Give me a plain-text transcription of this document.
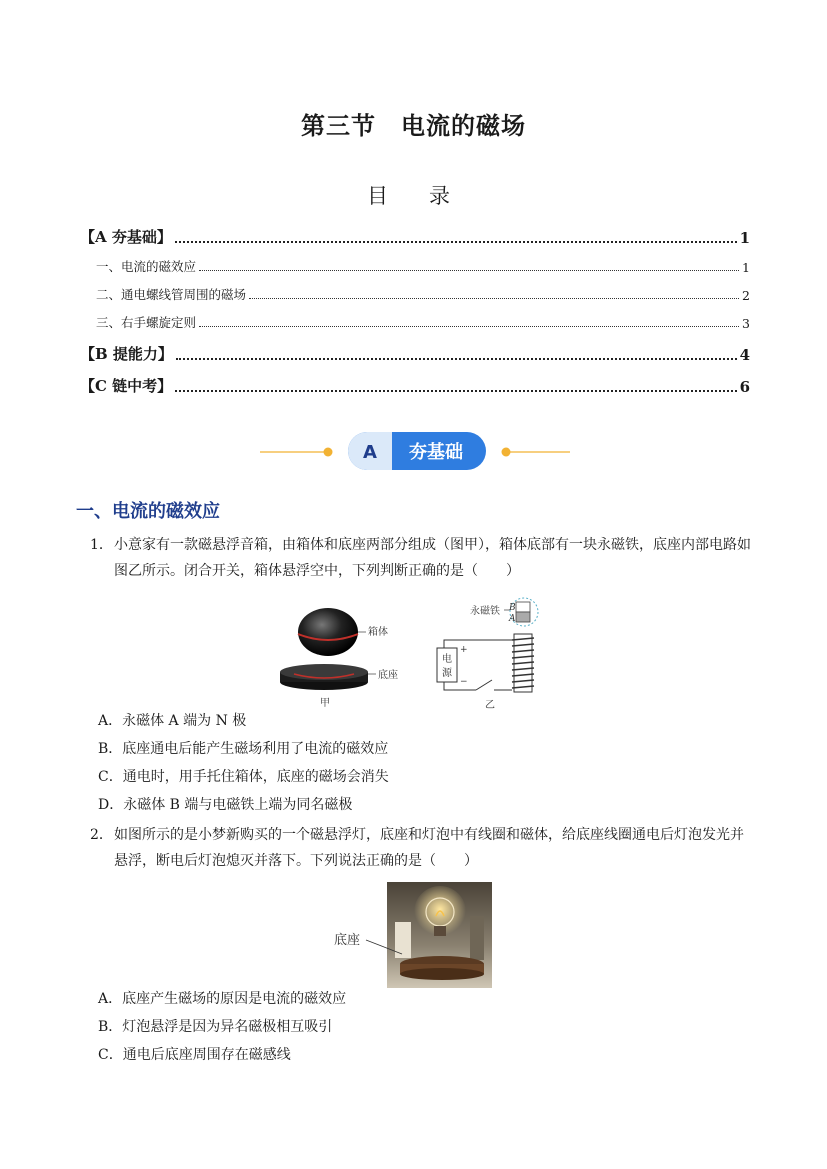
第三节　电流的磁场
目　录
【A 夯基础】	1
一、电流的磁效应	1
二、通电螺线管周围的磁场	2
三、右手螺旋定则	3
【B 提能力】	4
【C 链中考】	6
A 夯基础
一、电流的磁效应
1． 小意家有一款磁悬浮音箱，由箱体和底座两部分组成（图甲），箱体底部有一块永磁铁，底座内部电路如图乙所示。闭合开关，箱体悬浮空中，下列判断正确的是（　　）
箱体
底座
甲
永磁铁 B
A
电
源
+
−
乙
A．永磁体 A 端为 N 极
B．底座通电后能产生磁场利用了电流的磁效应
C．通电时，用手托住箱体，底座的磁场会消失
D．永磁体 B 端与电磁铁上端为同名磁极
2． 如图所示的是小梦新购买的一个磁悬浮灯，底座和灯泡中有线圈和磁体，给底座线圈通电后灯泡发光并悬浮，断电后灯泡熄灭并落下。下列说法正确的是（　　）
底座
A．底座产生磁场的原因是电流的磁效应
B．灯泡悬浮是因为异名磁极相互吸引
C．通电后底座周围存在磁感线
